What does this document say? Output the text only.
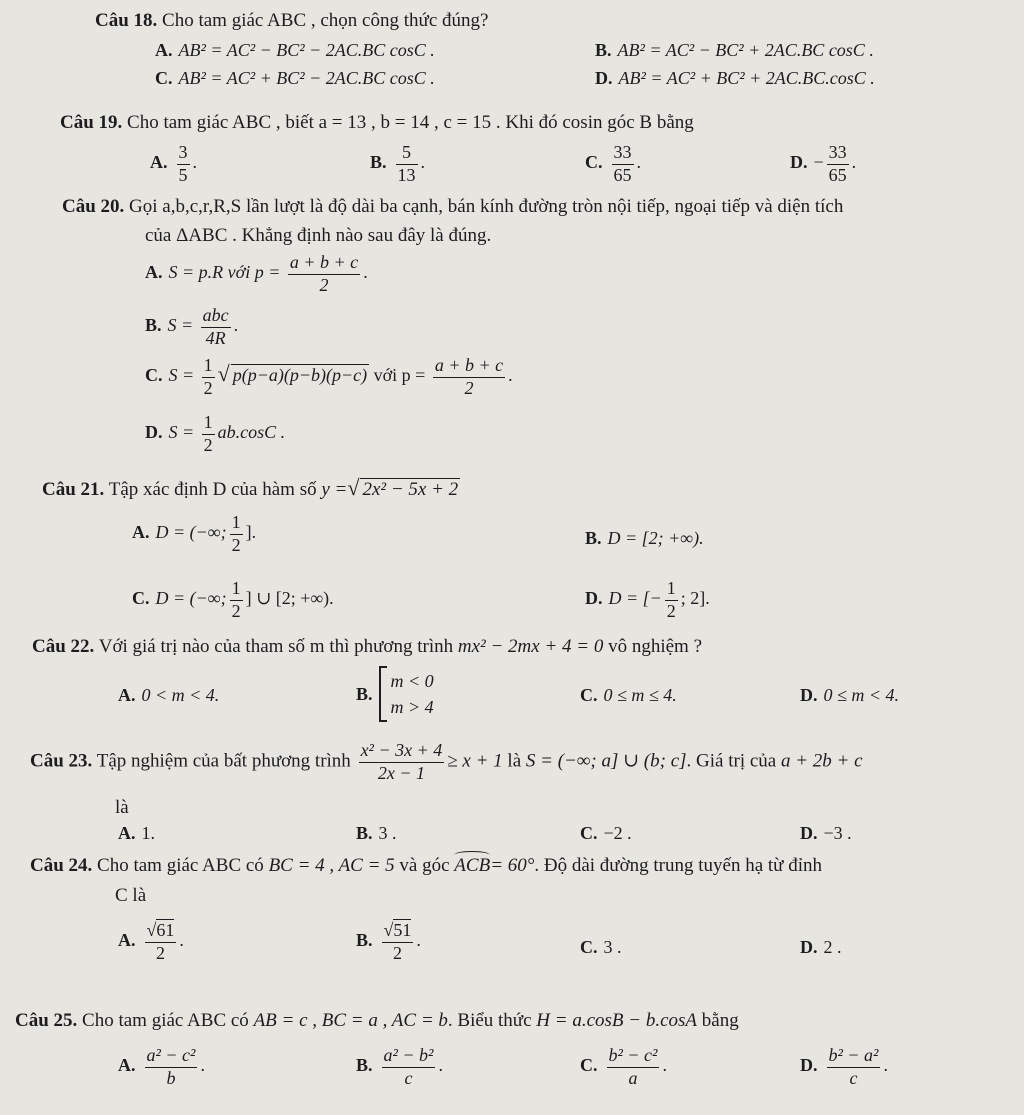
Câu 18. Cho tam giác ABC , chọn công thức đúng?
A. AB² = AC² − BC² − 2AC.BC cosC .	B. AB² = AC² − BC² + 2AC.BC cosC .
C. AB² = AC² + BC² − 2AC.BC cosC .	D. AB² = AC² + BC² + 2AC.BC.cosC .
Câu 19. Cho tam giác ABC , biết a = 13 , b = 14 , c = 15 . Khi đó cosin góc B bằng
A. $\frac{3}{5}$ .	B. $\frac{5}{13}$ .	C. $\frac{33}{65}$ .	D. − $\frac{33}{65}$ .
Câu 20. Gọi a,b,c,r,R,S lần lượt là độ dài ba cạnh, bán kính đường tròn nội tiếp, ngoại tiếp và diện tích
của ΔABC . Khẳng định nào sau đây là đúng.
A. S = p.R với $p = \frac{a + b + c}{2}$ .
B. $S = \frac{\text{abc}}{4R}$ .
C. $S = \frac{1}{2}$ √ p(p−a)(p−b)(p−c) với $p = \frac{a + b + c}{2}$ .
D. $S = \frac{1}{2} ab.\cos C$ .
Câu 21. Tập xác định D của hàm số y =√ 2x² − 5x + 2
A. D = (−∞; $\frac{1}{2}$ ].	B. D = [2; +∞).
C. D = (−∞; $\frac{1}{2}$ ] ∪ [2; +∞).	D. D = [− $\frac{1}{2}$ ; 2].
Câu 22. Với giá trị nào của tham số m thì phương trình mx² − 2mx + 4 = 0 vô nghiệm ?
A. 0 < m < 4.	B.
m < 0
m > 4
C. 0 ≤ m ≤ 4.	D. 0 ≤ m < 4.
Câu 23. Tập nghiệm của bất phương trình $\frac{\text{x² − 3x + 4}}{2x - 1} \ge x + 1$ là S = (−∞; a] ∪ (b; c]. Giá trị của a + 2b + c
là
A. 1.	B. 3 .	C. −2 .	D. −3 .
Câu 24. Cho tam giác ABC có BC = 4 , AC = 5 và góc ACB= 60°. Độ dài đường trung tuyến hạ từ đỉnh
C là
A. $\frac{√61}{2}$ .	B. $\frac{√51}{2}$ .	C. 3 .	D. 2 .
Câu 25. Cho tam giác ABC có AB = c , BC = a , AC = b. Biểu thức H = a.cosB − b.cosA bằng
A. $\frac{\text{a² − c²}}{b}$ .	B. $\frac{\text{a² − b²}}{c}$ .	C. $\frac{\text{b² − c²}}{a}$ .	D. $\frac{\text{b² − a²}}{c}$ .
